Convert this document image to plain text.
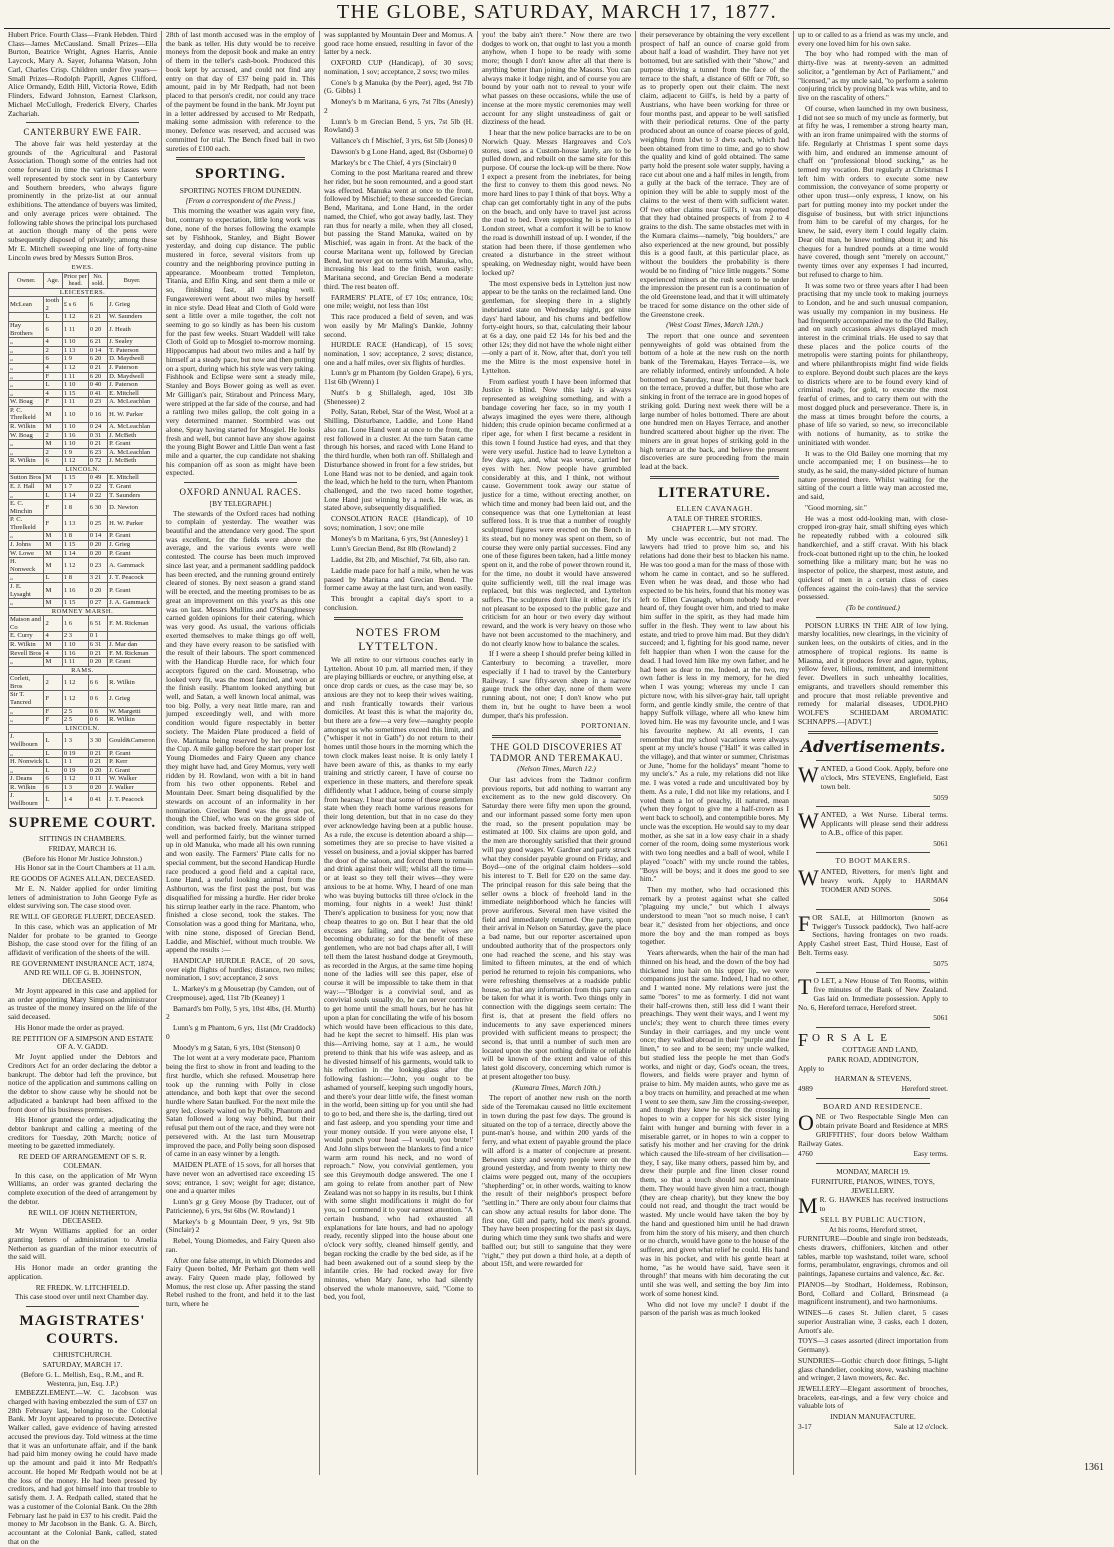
THE GLOBE, SATURDAY, MARCH 17, 1877.
1361

Hubert Price. Fourth Class—Frank Hebden. Third Class—James McCausland. Small Prizes—Ella Burton, Beatrice Wright, Agnes Harris, Annie Laycock, Mary A. Sayer, Johanna Watson, John Carl, Charles Crisp. Children under five years—Small Prizes—Rodolph Paprill, Agnes Clifford, Alice Ormandy, Edith Hill, Victoria Rowe, Edith Flinders, Edward Johnston, Earnest Clarkson, Michael McCullogh, Frederick Elvery, Charles Zachariah.

CANTERBURY EWE FAIR.

The above fair was held yesterday at the grounds of the Agricultural and Pastoral Association. Though some of the entries had not come forward in time the various classes were well represented by stock sent in by Canterbury and Southern breeders, who always figure prominently in the prize-list at our annual exhibitions. The attendance of buyers was limited, and only average prices were obtained. The following table shows the principal lots purchased at auction though many of the pens were subsequently disposed of privately; among these Mr E. Mitchell sweeping one line of forty-nine Lincoln ewes bred by Messrs Sutton Bros.

EWES.
Owner.	Age.	Price per head.	No. sold.	Buyer.
LEICESTERS.				
McLean	tooth 2	£ s 6	6	J. Grieg
	L	1 12	6 21	W. Saunders
Hay Brothers	6	1 11	0 20	J. Heath
„	4	1 10	6 21	J. Sealey
„	2	1 13	0 14	T. Paterson
„	6	1 9	6 20	D. Maydwell
„	4	1 12	0 21	J. Paterson
„	F	1 11	6 20	D. Maydwell
„	L	1 10	0 40	J. Paterson
„	4	1 15	0 41	E. Mitchell
W. Boag	F	1 11	0 23	A. McLeachlan
P. C. Threlkeld	M	1 10	0 16	H. W. Parker
R. Wilkin	M	1 10	0 24	A. McLeachlan
W. Boag	2	1 16	0 31	J. McBeth
„	M	1 10	0 21	P. Grant
„	2	1 9	6 23	A. McLeachlan
R. Wilkin	6	1 12	0 72	J. McBeth
LINCOLN.				
Sutton Bros	M	1 15	0 49	E. Mitchell
E. J. Hall	M	1 7	0 22	T. Grant
„	L	1 14	0 22	T. Saunders
E. C. Minchin	F	1 8	6 30	D. Newton
P. C. Threlkeld	F	1 13	0 25	H. W. Parker
„	M	1 8	0 14	P. Grant
J. Johns	M	1 15	0 20	J. Grieg
W. Lowe	M	1 14	0 20	P. Grant
H. Nonweck	M	1 12	0 23	A. Gammack
„	L	1 8	3 21	J. T. Peacock
J. E. Lysaght	M	1 16	0 20	P. Grant
„	M	1 15	0 27	J. A. Gammack
ROMNEY MARSH.				
Matson and Co	2	1 6	6 51	F. M. Rickman
E. Curry	4	2 3	0 1	
R. Wilkin	M	1 10	6 31	J. Mar dan
Revell Bros	4	1 16	0 21	F. M. Rickman
„	M	1 11	0 20	P. Grant
RAMS.				
Corlett, Bros	2	1 12	6 6	R. Wilkin
Sir T. Tancred	F	1 12	0 6	J. Grieg
„	F	2 5	0 6	W. Margetti
„	F	2 5	0 6	R. Wilkin
LINCOLN.				
J. Wellbourn	L	1 3	3 30	Gould&Cameron
„	L	0 19	0 21	P. Grant
H. Nonwick	L	1 1	0 21	P. Kerr
„	L	0 19	0 20	J. Grant
J. Deans	6	1 12	0 11	W. Walker
R. Wilkin	6	1 3	0 20	J. Walker
J. Wellbourn	L	1 4	0 41	J. T. Peacock
SUPREME COURT.
SITTINGS IN CHAMBERS.
FRIDAY, MARCH 16.
(Before his Honor Mr Justice Johnston.)

His Honor sat in the Court Chambers at 11 a.m.

RE GOODS OF AGNES ALLAN, DECEASED.

Mr E. N. Nalder applied for order limiting letters of administration to John George Fyfe as eldest surviving son. The case stood over.

RE WILL OF GEORGE FLUERT, DECEASED.

In this case, which was an application of Mr Nalder for probate to be granted to George Bishop, the case stood over for the filing of an affidavit of verification of the sheets of the will.

RE GOVERNMENT INSURANCE ACT, 1874, AND RE WILL OF G. B. JOHNSTON, DECEASED.

Mr Joynt appeared in this case and applied for an order appointing Mary Simpson administrator as trustee of the money insured on the life of the said deceased.

His Honor made the order as prayed.

RE PETITION OF A SIMPSON AND ESTATE OF A. V. GADD.

Mr Joynt applied under the Debtors and Creditors Act for an order declaring the debtor a bankrupt. The debtor had left the province, but notice of the application and summons calling on the debtor to show cause why he should not be adjudicated a bankrupt had been affixed to the front door of his business premises.

His Honor granted the order, adjudicating the debtor bankrupt and calling a meeting of the creditors for Tuesday, 20th March; notice of meeting to be gazetted immediately.

RE DEED OF ARRANGEMENT OF S. R. COLEMAN.

In this case, on the application of Mr Wynn Williams, an order was granted declaring the complete execution of the deed of arrangement by the debtor.

RE WILL OF JOHN NETHERTON, DECEASED.

Mr Wynn Williams applied for an order granting letters of administration to Amelia Netherton as guardian of the minor executrix of the said will.

His Honor made an order granting the application.

RE FREDK. W. LITCHFIELD.

This case stood over until next Chamber day.

MAGISTRATES' COURTS.
CHRISTCHURCH.
SATURDAY, MARCH 17.
(Before G. L. Mellish, Esq., R.M., and R. Westenra, jun, Esq. J.P.)

EMBEZZLEMENT.—W. C. Jacobson was charged with having embezzled the sum of £37 on 28th February last, belonging to the Colonial Bank. Mr Joynt appeared to prosecute. Detective Walker called, gave evidence of having arrested accused the previous day. Told witness at the time that it was an unfortunate affair, and if the bank had paid him money owing he could have made up the amount and paid it into Mr Redpath's account. He hoped Mr Redpath would not be at the loss of the money. He had been pressed by creditors, and had got himself into that trouble to satisfy them. J. A. Redpath called, stated that he was a customer of the Colonial Bank. On the 28th February last he paid in £37 to his credit. Paid the money to Mr Jacobson in the Bank. G. A. Birch, accountant at the Colonial Bank, called, stated that on the

28th of last month accused was in the employ of the bank as teller. His duty would be to receive moneys from the deposit book and make an entry of them in the teller's cash-book. Produced this book kept by accused, and could not find any entry on that day of £37 being paid in. This amount, paid in by Mr Redpath, had not been placed to that person's credit, nor could any trace of the payment be found in the bank. Mr Joynt put in a letter addressed by accused to Mr Redpath, making some admission with reference to the money. Defence was reserved, and accused was committed for trial. The Bench fixed bail in two sureties of £100 each.

SPORTING.
SPORTING NOTES FROM DUNEDIN.
[From a correspondent of the Press.]

This morning the weather was again very fine, but, contrary to expectation, little long work was done, none of the horses following the example set by Fishhook, Stanley, and Bight Bower yesterday, and doing cup distance. The public mustered in force, several visitors from up country and the neighboring province putting in appearance. Moonbeam trotted Templeton, Titania, and Elfin King, and sent them a mile or so, finishing fast, all shaping well. Fungawereweri went about two miles by herself in nice style. Dead Heat and Cloth of Gold were sent a little over a mile together, the colt not seeming to go so kindly as has been his custom for the past few weeks. Stuart Waddell will take Cloth of Gold up to Mosgiel to-morrow morning. Hippocampus had about two miles and a half by himself at a steady pace, but now and then putting on a spurt, during which his style was very taking. Fishhook and Eclipse were sent a steady mile, Stanley and Boys Bower going as well as ever. Mr Gilligan's pair, Stirabout and Princess Mary, were stripped at the far side of the course, and had a rattling two miles gallop, the colt going in a very determined manner. Stormbird was out alone, Spray having started for Mosgiel. He looks fresh and well, but cannot have any show against the young Bight Bower and Little Dan went a fast mile and a quarter, the cup candidate not shaking his companion off as soon as might have been expected.

OXFORD ANNUAL RACES.
[BY TELEGRAPH.]

The stewards of the Oxford races had nothing to complain of yesterday. The weather was beautiful and the attendance very good. The sport was excellent, for the fields were above the average, and the various events were well contested. The course has been much improved since last year, and a permanent saddling paddock has been erected, and the running ground entirely cleared of stones. By next season a grand stand will be erected, and the meeting promises to be as great an improvement on this year's as this one was on last. Messrs Mullins and O'Shaughnessy carned golden opinions for their catering, which was very good. As usual, the various officials exerted themselves to make things go off well, and they have every reason to be satisfied with the result of their labours. The sport commenced with the Handicap Hurdle race, for which four acceptors figured on the card. Mousetrap, who looked very fit, was the most fancied, and won at the finish easily. Phantom looked anything but well, and Satan, a well known local animal, was too big. Polly, a very neat little mare, ran and jumped exceedingly well, and with more condition would figure respectably in better society. The Maiden Plate produced a field of five. Maritana being reserved by her owner for the Cup. A mile gallop before the start proper lost Young Diomedes and Fairy Queen any chance they might have had, and Grey Momus, very well ridden by H. Rowland, won with a bit in hand from his two other opponents. Rebel and Mountain Deer. Smart being disqualified by the stewards on account of an informality in her nomination. Grecian Bend was the great pot, though the Chief, who was on the gross side of condition, was backed freely. Maritana stripped well and performed fairly, but the winner turned up in old Manuka, who made all his own running and won easily. The Farmers' Plate calls for no special comment, but the second Handicap Hurdle race produced a good field and a capital race, Lone Hand, a useful looking animal from the Ashburton, was the first past the post, but was disqualified for missing a hurdle. Her rider broke his stirrup leather early in the race. Phantom, who finished a close second, took the stakes. The Consolation was a good thing for Maritana, who, with nine stone, disposed of Grecian Bend, Laddie, and Mischief, without much trouble. We append the results :—

HANDICAP HURDLE RACE, of 20 sovs, over eight flights of hurdles; distance, two miles; nomination, 1 sov; acceptance, 2 sovs

L. Markey's m g Mousetrap (by Camden, out of Creepmouse), aged, 11st 7lb (Keaney) 1

Barnard's bm Polly, 5 yrs, 10st 4lbs, (H. Murth) 2

Lunn's g m Phantom, 6 yrs, 11st (Mr Craddock) 0

Moody's m g Satan, 6 yrs, 10st (Stenson) 0

The lot went at a very moderate pace, Phantom being the first to show in front and leading to the first hurdle, which she refused. Mousetrap here took up the running with Polly in close attendance, and both kept that over the second hurdle where Satan baulked. For the next mile the grey led, closely waited on by Polly, Phantom and Satan followed a long way behind, but their refusal put them out of the race, and they were not persevered with. At the last turn Mousetrap improved the pace, and Polly being soon disposed of came in an easy winner by a length.

MAIDEN PLATE of 15 sovs, for all horses that have never won an advertised race exceeding 15 sovs; entrance, 1 sov; weight for age; distance, one and a quarter miles

Lunn's gr g Grey Moose (by Traducer, out of Patricienne), 6 yrs, 9st 6lbs (W. Rowland) 1

Markey's b g Mountain Deer, 9 yrs, 9st 9lb (Sinclair) 2

Rebel, Young Diomedes, and Fairy Queen also ran.

After one false attempt, in which Diomedes and Fairy Queen bolted, Mr Perham got them well away. Fairy Queen made play, followed by Momus, the rest close up. After passing the stand Rebel rushed to the front, and held it to the last turn, where he

was supplanted by Mountain Deer and Momus. A good race home ensued, resulting in favor of the latter by a neck.

OXFORD CUP (Handicap), of 30 sovs; nomination, 1 sov; acceptance, 2 sovs; two miles

Cone's b g Manuka (by the Peer), aged, 9st 7lb (G. Gibbs) 1

Money's b m Maritana, 6 yrs, 7st 7lbs (Anesly) 2

Lunn's b m Grecian Bend, 5 yrs, 7st 5lb (H. Rowland) 3

Vallance's ch f Mischief, 3 yrs, 6st 5lb (Jones) 0

Dawson's b g Lone Hand, aged, 8st (Osborne) 0

Markey's br c The Chief, 4 yrs (Sinclair) 0

Coming to the post Maritana reared and threw her rider, but he soon remounted, and a good start was effected. Manuka went at once to the front, followed by Mischief; to these succeeded Grecian Bend, Maritana, and Lone Hand, in the order named, the Chief, who got away badly, last. They ran thus for nearly a mile, when they all closed, but passing the Stand Manuka, waited on by Mischief, was again in front. At the back of the course Maritana went up, followed by Grecian Bend, but never got on terms with Manuka, who, increasing his lead to the finish, won easily: Maritana second, and Grecian Bend a moderate third. The rest beaten off.

FARMERS' PLATE, of £7 10s; entrance, 10s; one mile; weight, not less than 10st

This race produced a field of seven, and was won easily by Mr Maling's Dankie, Johnny second.

HURDLE RACE (Handicap), of 15 sovs; nomination, 1 sov; acceptance, 2 sovs; distance, one and a half miles, over six flights of hurdles.

Lunn's gr m Phantom (by Golden Grape), 6 yrs, 11st 6lb (Wrenn) 1

Nutt's b g Shillalegh, aged, 10st 3lb (Shenessee) 2

Polly, Satan, Rebel, Star of the West, Wool at a Shilling, Disturbance, Laddie, and Lone Hand also ran. Lone Hand went at once to the front, the rest followed in a cluster. At the turn Satan came through his horses, and raced with Lone Hand to the third hurdle, when both ran off. Shillalegh and Disturbance showed in front for a few strides, but Lone Hand was not to be denied, and again took the lead, which he held to the turn, when Phantom challenged, and the two raced home together, Lone Hand just winning by a neck. He was, as stated above, subsequently disqualified.

CONSOLATION RACE (Handicap), of 10 sovs; nomination, 1 sov; one mile

Money's b m Maritana, 6 yrs, 9st (Annesley) 1

Lunn's Grecian Bend, 8st 8lb (Rowland) 2

Laddie, 8st 2lb, and Mischief, 7st 6lb, also ran.

Laddie made pace for half a mile, when he was passed by Maritana and Grecian Bend. The former came away at the last turn, and won easily.

This brought a capital day's sport to a conclusion.

NOTES FROM LYTTELTON.

We all retire to our virtuous couches early in Lyttelton. About 10 p.m. all married men, if they are playing billiards or euchre, or anything else, at once drop cards or cues, as the case may be, so anxious are they not to keep their wives waiting, and rush frantically towards their various domiciles. At least this is what the majority do, but there are a few—a very few—naughty people amongst us who sometimes exceed this limit, and ("whisper it not in Gath") do not return to their homes until those hours in the morning which the town clock makes least noise. It is only lately I have been aware of this, as thanks to my early training and strictly career, I have of course no experience in these matters, and therefore speak diffidently what I adduce, being of course simply from hearsay. I hear that some of these gentlemen state when they reach home various reasons for their long detention, but that in no case do they ever acknowledge having been at a public house. As a rule, the excuse is detention aboard a ship—sometimes they are so precise to have visited a vessel on business, and a jovial skipper has barred the door of the saloon, and forced them to remain and drink against their will; whilst all the time—or at least so they tell their wives—they were anxious to be at home. Why, I heard of one man who was buying buttocks till three o'clock in the morning, four nights in a week! Just think! There's application to business for you; now that cheap theatres to go on. But I hear that the old excuses are failing, and that the wives are becoming obdurate; so for the benefit of these gentlemen, who are not bad chaps after all, I will tell them the latest husband dodge at Greymouth, as recorded in the Argus, at the same time hoping none of the ladies will see this paper, else of course it will be impossible to take them in that way:—"Blodger is a convivial soul, and as convivial souls usually do, he can never contrive to get home until the small hours, but he has hit upon a plan for concillating the wife of his bosom which would have been efficacious to this date, had he kept the secret to himself. His plan was this—Arriving home, say at 1 a.m., he would pretend to think that his wife was asleep, and as he divested himself of his garments, would talk to his reflection in the looking-glass after the following fashion:—'John, you ought to be ashamed of yourself, keeping such ungodly hours, and there's your dear little wife, the finest woman in the world, been sitting up for you until she had to go to bed, and there she is, the darling, tired out and fast asleep, and you spending your time and your money outside. If you were anyone else, I would punch your head —I would, you brute!' And John slips between the blankets to find a nice warm arm round his neck, and no word of reproach." Now, you convivial gentlemen, you see this Greymouth dodge answered. The one I am going to relate from another part of New Zealand was not so happy in its results, but I think with some slight modifications it might do for you, so I commend it to your earnest attention. "A certain husband, who had exhausted all explanations for late hours, and had no apology ready, recently slipped into the house about one o'clock very softly, cleaned himself gently, and began rocking the cradle by the bed side, as if he had been awakened out of a sound sleep by the infantile cries. He had rocked away for five minutes, when Mary Jane, who had silently observed the whole manoeuvre, said, "Come to bed, you fool,

you! the baby ain't there." Now there are two dodges to work on, that ought to last you a month anyhow, when I hope to be ready with some more; though I don't know after all that there is anything better than joining the Masons. You can always make it lodge night, and of course you are bound by your oath not to reveal to your wife what passes on these occasions, while the use of incense at the more mystic ceremonies may well account for any slight unsteadiness of gait or dizziness of the head.

I hear that the new police barracks are to be on Norwich Quay. Messrs Hargreaves and Co's stores, used as a Custom-house lately, are to be pulled down, and rebuilt on the same site for this purpose. Of course the lock-up will be there. Now I expect a present from the inebriates, for being the first to convey to them this good news. No more hard lines to pay I think of that boys. Why a chap can get comfortably tight in any of the pubs on the beach, and only have to travel just across the road to bed. Even supposing he is partial to London street, what a comfort it will be to know the road is downhill instead of up. I wonder, if the station had been there, if those gentlemen who created a disturbance in the street without speaking, on Wednesday night, would have been locked up?

The most expensive beds in Lyttelton just now appear to be the tanks on the reclaimed land. One gentleman, for sleeping there in a slightly inebriated state on Wednesday night, got nine days' hard labour, and his chums and bedfellow forty-eight hours, so that, calculating their labour at 6s a day, one paid £2 14s for his bed and the other 12s; they did not have the whole night either—only a part of it. Now, after that, don't you tell me the Mitre is the most expensive hotel in Lyttelton.

From earliest youth I have been informed that Justice is blind. Now this lady is always represented as weighing something, and with a bandage covering her face, so in my youth I always imagined the eyes were there, although hidden; this crude opinion became confirmed at a riper age, for when I first became a resident in this town I found Justice had eyes, and that they were very useful. Justice had to leave Lyttelton a few days ago, and, what was worse, carried her eyes with her. Now people have grumbled considerably at this, and I think, not without cause. Government took away our statue of justice for a time, without erecting another, on which time and money had been laid out, and the consequence was that one Lytteltonian at least suffered loss. It is true that a number of roughly sculptured figures were erected on the Bench in its stead, but no money was spent on them, so of course they were only partial successes. Find any one of these figures been taken, had a little money spent on it, and the robe of power thrown round it, for the time, no doubt it would have answered quite sufficiently well, till the real image was replaced, but this was neglected, and Lyttelton suffers. The sculptures don't like it either, for it's not pleasant to be exposed to the public gaze and criticism for an hour or two every day without reward, and the work is very heavy on those who have not been accustomed to the machinery, and do not clearly know how to balance the scales.

If I were a sheep I should prefer being killed in Canterbury to becoming a traveller, more especially if I had to travel by the Canterbury Railway. I saw fifty-seven sheep in a narrow gauge truck the other day, none of them were running about, not one; I don't know who put them in, but he ought to have been a wool dumper, that's his profession.

PORTONIAN.
THE GOLD DISCOVERIES AT TADMOR AND TEREMAKAU.
(Nelson Times, March 12.)

Our last advices from the Tadmor confirm previous reports, but add nothing to warrant any excitement as to the new gold discovery. On Saturday there were fifty men upon the ground, and our informant passed some forty men upon the road, so the present population may be estimated at 100. Six claims are upon gold, and the men are thoroughly satisfied that their ground will pay good wages. W. Gardner and party struck what they consider payable ground on Friday, and Boyd—one of the original claim holders—sold his interest to T. Bell for £20 on the same day. The principal reason for this sale being that the seller owns a block of freehold land in the immediate neighborhood which he fancies will prove auriferous. Several men have visited the field and immediately returned. One party, upon their arrival in Nelson on Saturday, gave the place a bad name, but our reporter ascertained upon undoubted authority that of the prospectors only one had reached the scene, and his stay was limited to fifteen minutes, at the end of which period he returned to rejoin his companions, who were refreshing themselves at a roadside public house, so that any information from this party can be taken for what it is worth. Two things only in connection with the diggings seem certain: The first is, that at present the field offers no inducements to any save experienced miners provided with sufficient means to prospect; the second is, that until a number of such men are located upon the spot nothing definite or reliable will be known of the extent and value of this latest gold discovery, concerning which rumor is at present altogether too busy.

(Kumara Times, March 10th.)

The report of another new rush on the north side of the Teremakau caused no little excitement in town during the past few days. The ground is situated on the top of a terrace, directly above the punt-man's house, and within 200 yards of the ferry, and what extent of payable ground the place will afford is a matter of conjecture at present. Between sixty and seventy people were on the ground yesterday, and from twenty to thirty new claims were pegged out, many of the occupiers "shepherding" or, in other words, waiting to know the result of their neighbor's prospect before "settling in." There are only about four claims that can show any actual results for labor done. The first one, Gill and party, hold six men's ground. They have been prospecting for the past six days, during which time they sunk two shafts and were baffled out; but still to sanguine that they were "right," they put down a third hole, at a depth of about 15ft, and were rewarded for

their perseverance by obtaining the very excellent prospect of half an ounce of coarse gold from about half a load of washdirt. They have not yet bottomed, but are satisfied with their "show," and purpose driving a tunnel from the face of the terrace to the shaft, a distance of 60ft or 70ft, so as to properly open out their claim. The next claim, adjacent to Gill's, is held by a party of Austrians, who have been working for three or four months past, and appear to be well satisfied with their periodical returns. One of the party produced about an ounce of coarse pieces of gold, weighing from 1dwt to 3 dwts each, which had been obtained from time to time, and go to show the quality and kind of gold obtained. The same party hold the present sole water supply, having a race cut about one and a half miles in length, from a gully at the back of the terrace. They are of opinion they will be able to supply most of the claims to the west of them with sufficient water. Of two other claims near Gill's, it was reported that they had obtained prospects of from 2 to 4 grains to the dish. The same obstacles met with in the Kumara claims—namely, "big boulders," are also experienced at the new ground, but possibly this is a good fault, at this particular place, as without the boulders the probability is there would be no finding of "nice little nuggets." Some experienced miners at the rush seem to be under the impression the present run is a continuation of the old Greenstone lead, and that it will ultimately be traced for some distance on the other side of the Greenstone creek.

(West Coast Times, March 12th.)

The report that one ounce and seventeen pennyweights of gold was obtained from the bottom of a hole at the new rush on the north bank of the Teremakau, Hayes Terrace—is, we are reliably informed, entirely unfounded. A hole bottomed on Saturday, near the hill, further back on the terrace, proved a duffer, but those who are sinking in front of the terrace are in good hopes of striking gold. During next week there will be a large number of holes bottomed. There are about one hundred men on Hayes Terrace, and another hundred scattered about higher up the river. The miners are in great hopes of striking gold in the high terrace at the back, and believe the present discoveries are sure proceeding from the main lead at the back.

LITERATURE.
ELLEN CAVANAGH.
A TALE OF THREE STORIES.
CHAPTER I.—MY STORY.

My uncle was eccentric, but not mad. The lawyers had tried to prove him so, and his relations had done their best to blacken his name. He was too good a man for the mass of those with whom he came in contact, and so he suffered. Even when he was dead, and those who had expected to be his heirs, found that his money was left to Ellen Cavanagh, whom nobody had ever heard of, they fought over him, and tried to make him suffer in the spirit, as they had made him suffer in the flesh. They went to law about his estate, and tried to prove him mad. But they didn't succeed; and I, fighting for his good name, never felt happier than when I won the cause for the dead. I had loved him like my own father, and he had been as dear to me. Indeed, at the two, my own father is less in my memory, for he died when I was young; whereas my uncle I can picture now, with his silver-gray hair, tall upright form, and gentle kindly smile, the centre of that happy Suffolk village, where all who knew him loved him. He was my favourite uncle, and I was his favourite nephew. At all events, I can remember that my school vacations were always spent at my uncle's house ("Hall" it was called in the village), and that winter or summer, Christmas or June, "home for the holidays" meant "home to my uncle's." As a rule, my relations did not like me. I was voted a rude and uncultivated boy by them. As a rule, I did not like my relations, and I voted them a lot of preachy, ill natured, mean (when they forgot to give me a half-crown as I went back to school), and contemptible bores. My uncle was the exception. He would say to my dear mother, as she sat in a low easy chair in a shady corner of the room, doing some mysterious work with two long needles and a ball of wool, while I played "coach" with my uncle round the tables, "Boys will be boys; and it does me good to see him."

Then my mother, who had occasioned this remark by a protest against what she called "plaguing my uncle," but which I always understood to mean "not so much noise, I can't bear it," desisted from her objections, and once more the boy and the man romped as boys together.

Years afterwards, when the hair of the man had thinned on his head, and the down of the boy had thickened into hair on his upper lip, we were companions just the same. Indeed, I had no other, and I wanted none. My relations were just the same "bores" to me as formerly. I did not want their half-crowns then, still less did I want their preachings. They went their ways, and I went my uncle's; they went to church three times every Sunday in their carriages, and my uncle went once; they walked abroad in their "purple and fine linen," to see and to be seen; my uncle walked, but studied less the people he met than God's works, and night or day, God's ocean, the trees, flowers, and fields were prayer and hymn of praise to him. My maiden aunts, who gave me as a boy tracts on humility, and preached at me when I went to see them, saw Jim the crossing-sweeper, and though they knew he swept the crossing in hopes to win a copper for his sick sister lying faint with hunger and burning with fever in a miserable garret, or in hopes to win a copper to satisfy his mother and her craving for the drink which caused the life-stream of her civilisation—they, I say, like many others, passed him by, and drew their purple and fine linen closer round them, so that a touch should not contaminate them. They would have given him a tract, though (they are cheap charity), but they knew the boy could not read, and thought the tract would be wasted. My uncle would have taken the boy by the hand and questioned him until he had drawn from him the story of his misery, and then church or no church, would have gone to the house of the sufferer, and given what relief he could. His hand was in his pocket, and with his gentle heart at home, "as he would have said, 'have seen it through!' that means with him decorating the cut until she was well, and setting the boy Jim into work of some honest kind.

Who did not love my uncle? I doubt if the parson of the parish was as much looked

up to or called to as a friend as was my uncle, and every one loved him for his own sake.

The boy who had romped with the man of thirty-five was at twenty-seven an admitted solicitor, a "gentleman by Act of Parliament," and "licensed," as my uncle said, "to perform a solemn conjuring trick by proving black was white, and to live on the rascality of others."

Of course, when launched in my own business, I did not see so much of my uncle as formerly, but at fifty he was, I remember a strong hearty man, with an iron frame unimpaired with the storms of life. Regularly at Christmas I spent some days with him, and endured an immense amount of chaff on "professional blood sucking," as he termed my vocation. But regularly at Christmas I left him with orders to execute some new commission, the conveyance of some property or other upon trust—only express, I know, on his part for putting money into my pocket under the disguise of business, but with strict injunctions from him to be careful of my charges, for he knew, he said, every item I could legally claim. Dear old man, he knew nothing about it; and his cheques for a hundred pounds at a time would have covered, though sent "merely on account," twenty times over any expenses I had incurred, but refused to charge to him.

It was some two or three years after I had been practising that my uncle took to making journeys to London, and he and such unusual companion, was usually my companion in my business. He had frequently accompanied me to the Old Bailey, and on such occasions always displayed much interest in the criminal trials. He used to say that these places and the police courts of the metropolis were starting points for philanthropy, and where philanthropists might find wide fields to explore. Beyond doubt such places are the keys to districts where are to be found every kind of criminal ready, for gold, to execute the most fearful of crimes, and to carry them out with the most dogged pluck and perseverance. There is, in the mass at times brought before the courts, a phase of life so varied, so new, so irreconcilable with notions of humanity, as to strike the uninitiated with wonder.

It was to the Old Bailey one morning that my uncle accompanied me; I on business—he to study, as he said, the many-sided picture of human nature presented there. Whilst waiting for the sitting of the court a little way man accosted me, and said,

"Good morning, sir."

He was a most odd-looking man, with close-cropped iron-gray hair, small shifting eyes which he repeatedly rubbed with a coloured silk handkerchief, and a stiff cravat. With his black frock-coat buttoned right up to the chin, he looked something like a military man; but he was no inspector of police, the sharpest, most astute, and quickest of men in a certain class of cases (offences against the coin-laws) that the service possessed.

(To be continued.)

POISON LURKS IN THE AIR of low lying, marshy localities, new clearings, in the vicinity of sunken lees, on the outskirts of cities, and in the atmosphere of tropical regions. Its name is Miasma, and it produces fever and ague, typhus, yellow fever, bilious, remittent, and intermittent fever. Dwellers in such unhealthy localities, emigrants, and travellers should remember this and procure that most reliable preventive and remedy for malarial diseases, UDOLPHO WOLFE'S SCHIEDAM AROMATIC SCHNAPPS.—[ADVT.]

Advertisements.
W ANTED, a Good Cook. Apply, before one o'clock, Mrs STEVENS, Englefield, East town belt.

5059
W ANTED, a Wet Nurse. Liberal terms. Applicants will please send their address to A.B., office of this paper.

5061
TO BOOT MAKERS.
W ANTED, Rivetters, for men's light and heavy work. Apply to HARMAN TOOMER AND SONS.

5064
F OR SALE, at Hillmorton (known as Twigger's Tussock paddock), Two half-acre Sections, having frontages on two roads. Apply Cashel street East, Third House, East of Belt. Terms easy.

5075
T O LET, a New House of Ten Rooms, within five minutes of the Bank of New Zealand. Gas laid on. Immediate possession. Apply to No. 6, Hereford terrace, Hereford street.

5061
F O R S A L E
COTTAGE AND LAND,
PARK ROAD, ADDINGTON,
Apply to
HARMAN & STEVENS,
4989	Hereford street.
BOARD AND RESIDENCE.
O NE or Two Respectable Single Men can obtain private Board and Residence at MRS GRIFFITHS', four doors below Waltham Railway Gates.

4760	Easy terms.
MONDAY, MARCH 19.
FURNITURE, PIANOS, WINES, TOYS, JEWELLERY.
M R. G. HAWKES has received instructions to

SELL BY PUBLIC AUCTION,
At his rooms, Hereford street,

FURNITURE—Double and single iron bedsteads, chests drawers, chiffoniers, kitchen and other tables, marble top washstand, toilet ware, school forms, perambulator, engravings, chromos and oil paintings, Japanese curtains and valence, &c. &c.

PIANOS—by Stodhart, Holderness, Robinson, Bord, Collard and Collard, Brinsmead (a magnificent instrument), and two harmoniums.

WINES—6 cases St. Julien claret, 5 cases superior Australian wine, 3 casks, each 1 dozen, Arnott's ale.

TOYS—3 cases assorted (direct importation from Germany).

SUNDRIES—Gothic church door fittings, 5-light glass chandelier, cooking stove, washing machine and wringer, 2 lawn mowers, &c. &c.

JEWELLERY—Elegant assortment of brooches, bracelets, ear-rings, and a few very choice and valuable lots of

INDIAN MANUFACTURE.
3-17	Sale at 12 o'clock.
